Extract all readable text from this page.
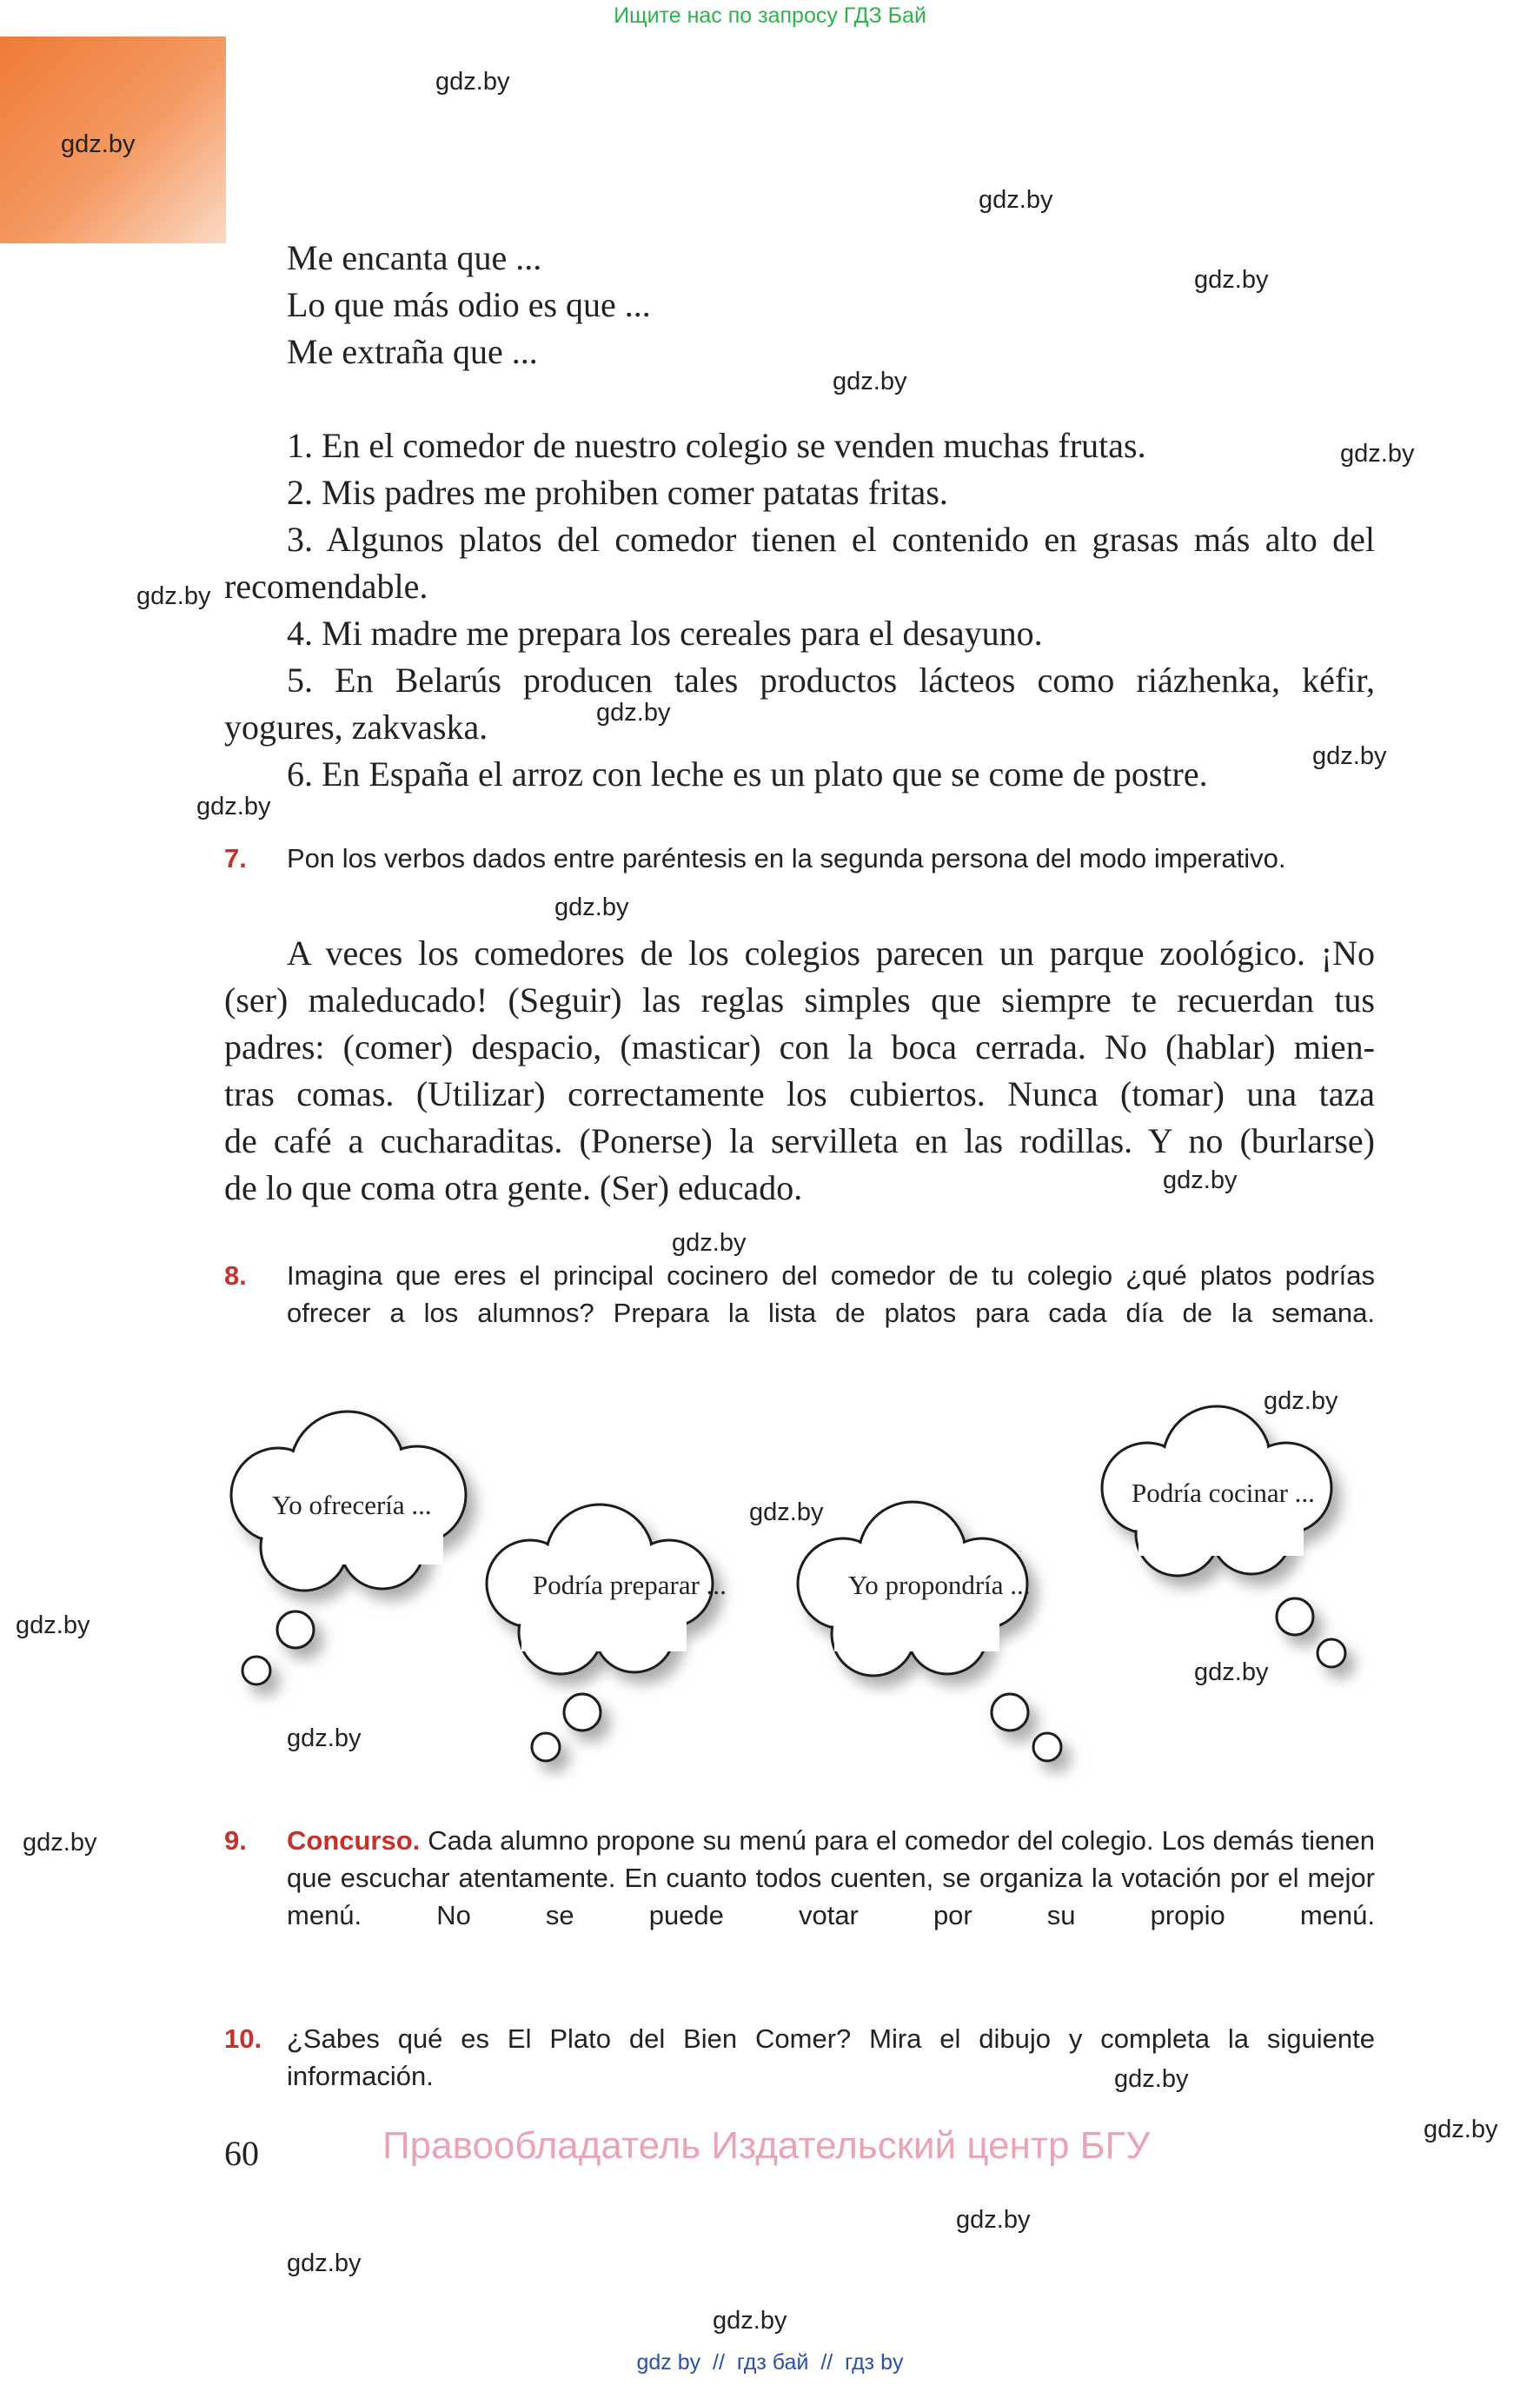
Ищите нас по запросу ГДЗ Бай
gdz.by
gdz.by
gdz.by
gdz.by
gdz.by
gdz.by
gdz.by
gdz.by
gdz.by
gdz.by
gdz.by
gdz.by
gdz.by
gdz.by
gdz.by
gdz.by
gdz.by
gdz.by
gdz.by
gdz.by
gdz.by
gdz.by
gdz.by
gdz.by
Me encanta que ...
Lo que más odio es que ...
Me extraña que ...
1. En el comedor de nuestro colegio se venden muchas frutas.
2. Mis padres me prohiben comer patatas fritas.
3. Algunos platos del comedor tienen el contenido en grasas más alto del
recomendable.
4. Mi madre me prepara los cereales para el desayuno.
5. En Belarús producen tales productos lácteos como riázhenka, kéfir,
yogures, zakvaska.
6. En España el arroz con leche es un plato que se come de postre.
7. Pon los verbos dados entre paréntesis en la segunda persona del modo imperativo.
A veces los comedores de los colegios parecen un parque zoológico. ¡No
(ser) maleducado! (Seguir) las reglas simples que siempre te recuerdan tus
padres: (comer) despacio, (masticar) con la boca cerrada. No (hablar) mien-
tras comas. (Utilizar) correctamente los cubiertos. Nunca (tomar) una taza
de café a cucharaditas. (Ponerse) la servilleta en las rodillas. Y no (burlarse)
de lo que coma otra gente. (Ser) educado.
8. Imagina que eres el principal cocinero del comedor de tu colegio ¿qué platos podrías ofrecer a los alumnos? Prepara la lista de platos para cada día de la semana.
Yo ofrecería ...
Podría preparar ...	Yo propondría ...
Podría cocinar ...
9. Concurso. Cada alumno propone su menú para el comedor del colegio. Los demás tienen que escuchar atentamente. En cuanto todos cuenten, se organiza la votación por el mejor menú. No se puede votar por su propio menú.
10. ¿Sabes qué es El Plato del Bien Comer? Mira el dibujo y completa la siguiente información.
60	Правообладатель Издательский центр БГУ
gdz by  //  гдз бай  //  гдз by
